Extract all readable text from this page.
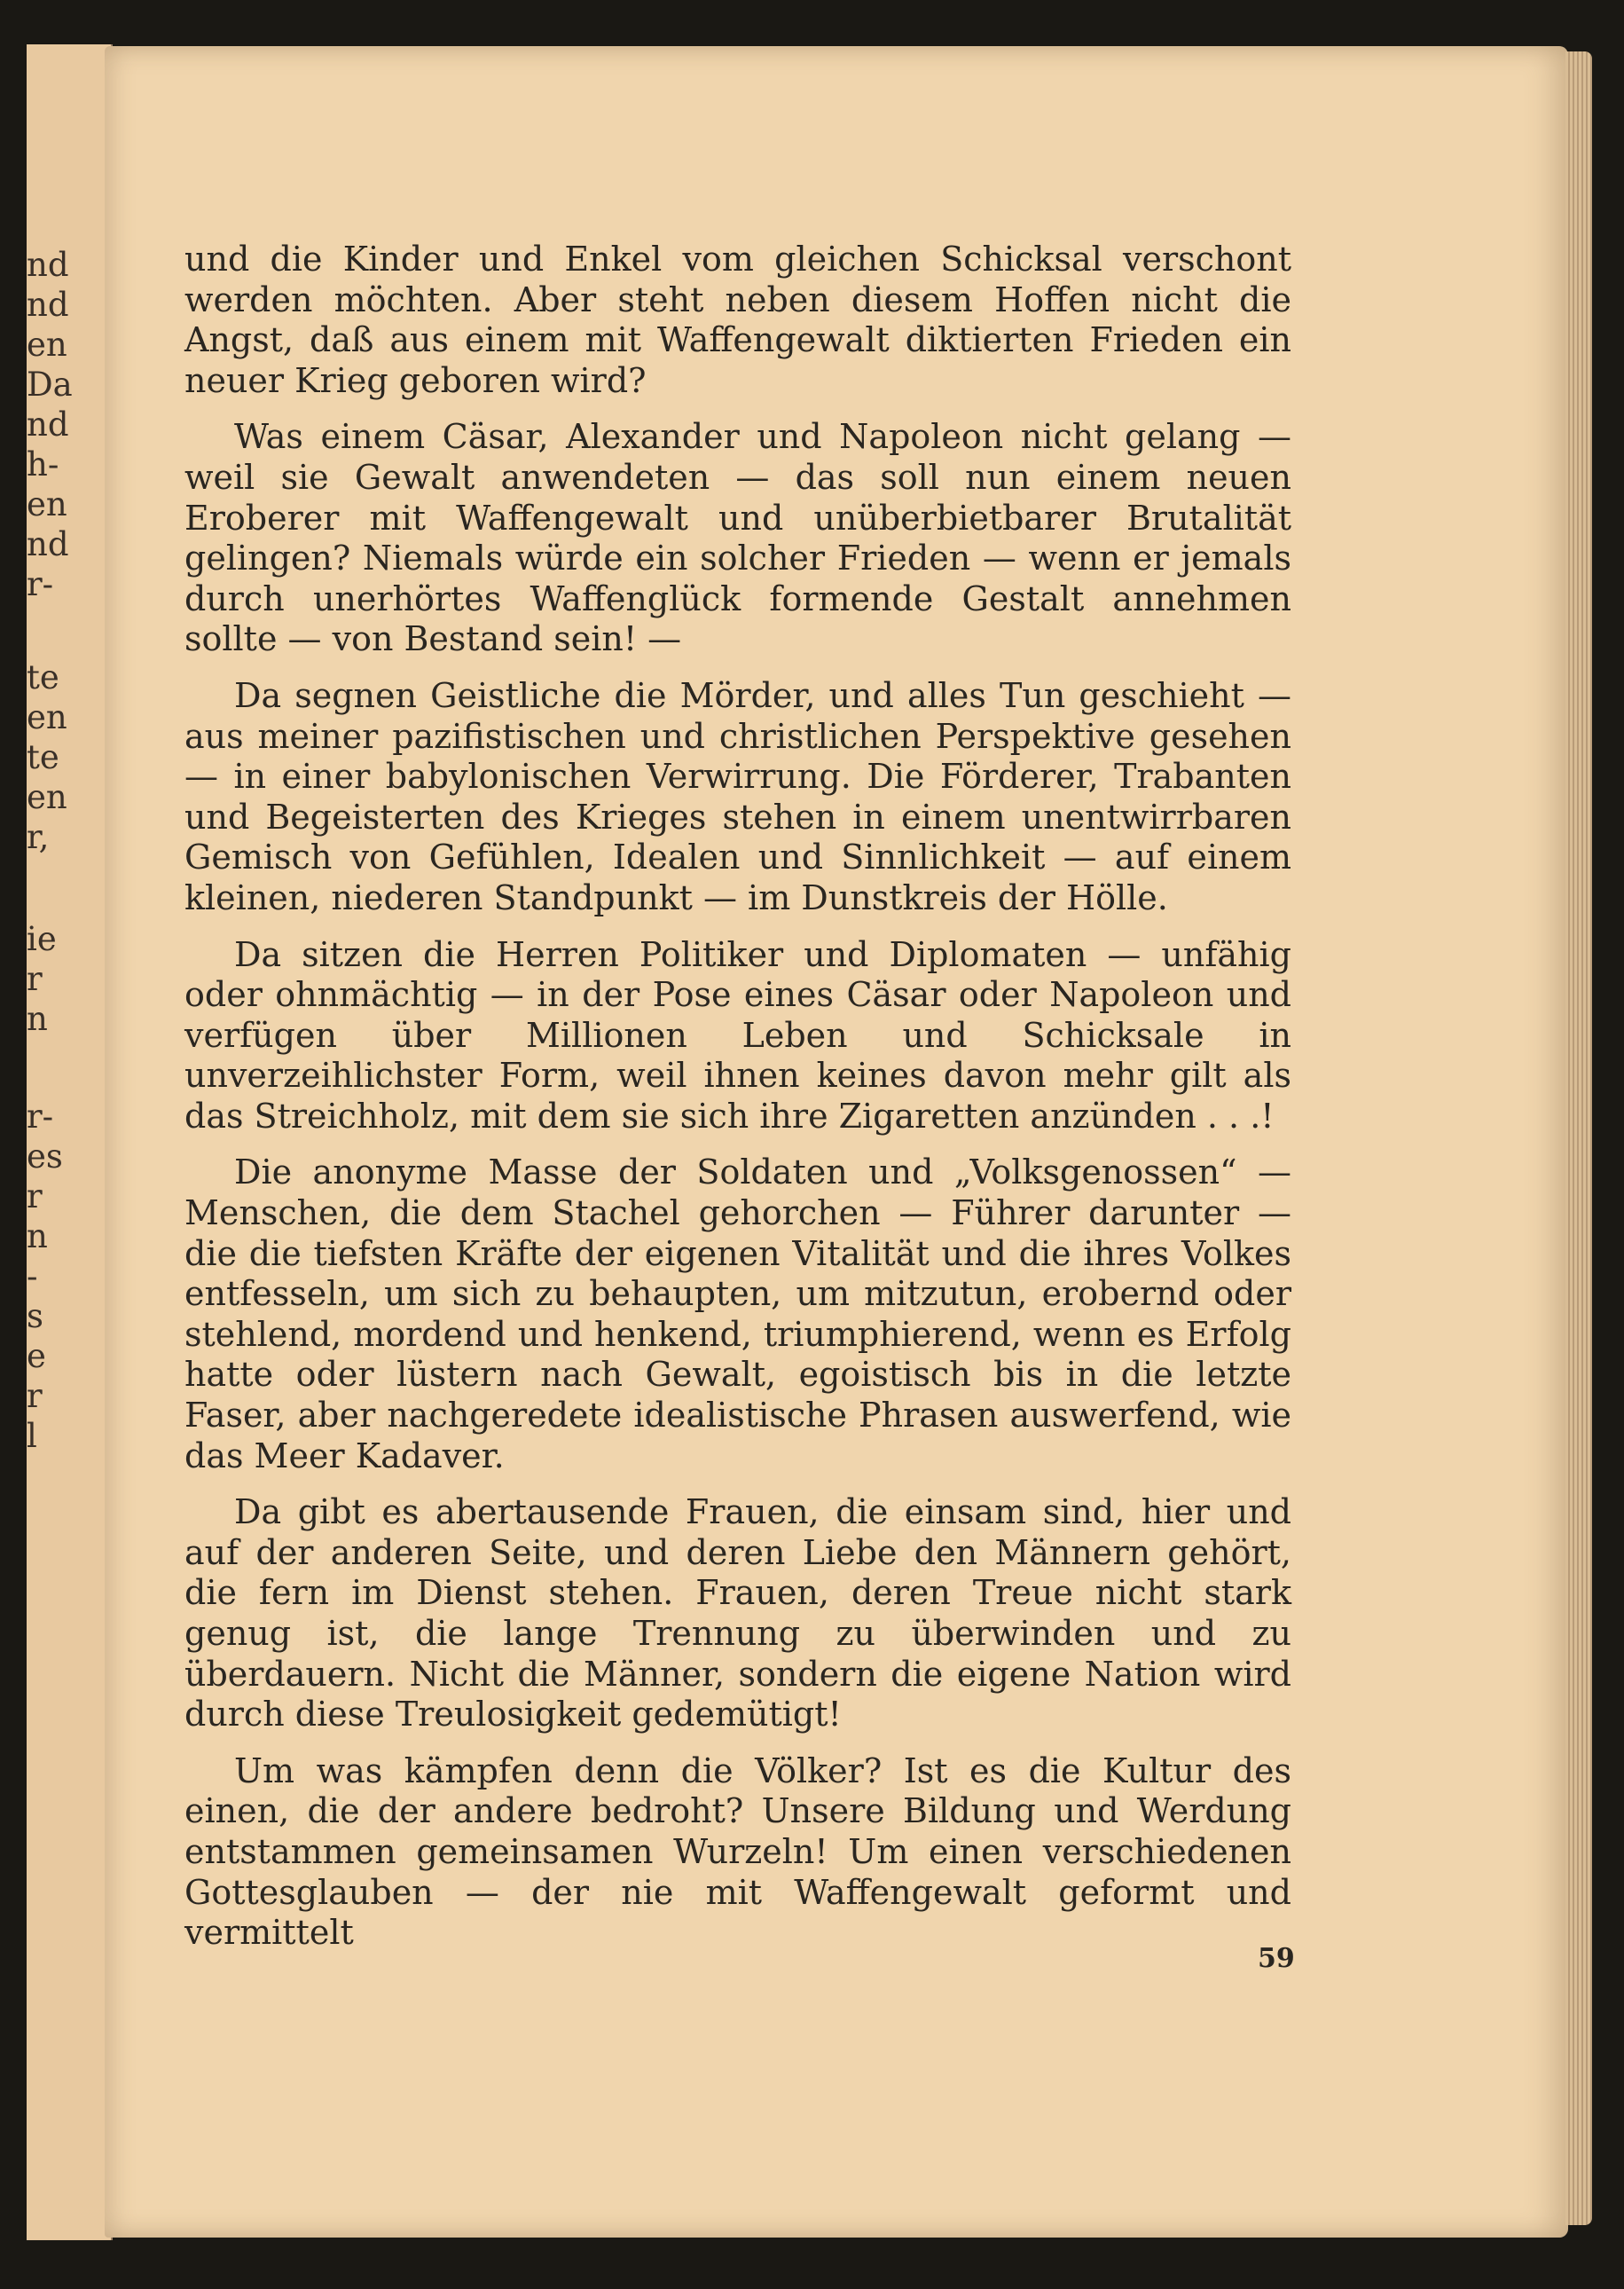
nd
nd
en
Da
nd
h-
en
nd
r-
te
en
te
en
r,
ie
r
n
r-
es
r
n
-
s
e
r
l

und die Kinder und Enkel vom gleichen Schicksal verschont werden möchten. Aber steht neben diesem Hoffen nicht die Angst, daß aus einem mit Waffengewalt diktierten Frieden ein neuer Krieg geboren wird?

Was einem Cäsar, Alexander und Napoleon nicht gelang — weil sie Gewalt anwendeten — das soll nun einem neuen Eroberer mit Waffengewalt und unüberbietbarer Brutalität gelingen? Niemals würde ein solcher Frieden — wenn er jemals durch unerhörtes Waffenglück formende Gestalt annehmen sollte — von Bestand sein! —

Da segnen Geistliche die Mörder, und alles Tun geschieht — aus meiner pazifistischen und christlichen Perspektive gesehen — in einer babylonischen Verwirrung. Die Förderer, Trabanten und Begeisterten des Krieges stehen in einem unentwirrbaren Gemisch von Gefühlen, Idealen und Sinnlichkeit — auf einem kleinen, niederen Standpunkt — im Dunstkreis der Hölle.

Da sitzen die Herren Politiker und Diplomaten — unfähig oder ohnmächtig — in der Pose eines Cäsar oder Napoleon und verfügen über Millionen Leben und Schicksale in unverzeihlichster Form, weil ihnen keines davon mehr gilt als das Streichholz, mit dem sie sich ihre Zigaretten anzünden . . .!

Die anonyme Masse der Soldaten und „Volksgenossen“ — Menschen, die dem Stachel gehorchen — Führer darunter — die die tiefsten Kräfte der eigenen Vitalität und die ihres Volkes entfesseln, um sich zu behaupten, um mitzutun, erobernd oder stehlend, mordend und henkend, triumphierend, wenn es Erfolg hatte oder lüstern nach Gewalt, egoistisch bis in die letzte Faser, aber nachgeredete idealistische Phrasen auswerfend, wie das Meer Kadaver.

Da gibt es abertausende Frauen, die einsam sind, hier und auf der anderen Seite, und deren Liebe den Männern gehört, die fern im Dienst stehen. Frauen, deren Treue nicht stark genug ist, die lange Trennung zu überwinden und zu überdauern. Nicht die Männer, sondern die eigene Nation wird durch diese Treulosigkeit gedemütigt!

Um was kämpfen denn die Völker? Ist es die Kultur des einen, die der andere bedroht? Unsere Bildung und Werdung entstammen gemeinsamen Wurzeln! Um einen verschiedenen Gottesglauben — der nie mit Waffengewalt geformt und vermittelt

59
